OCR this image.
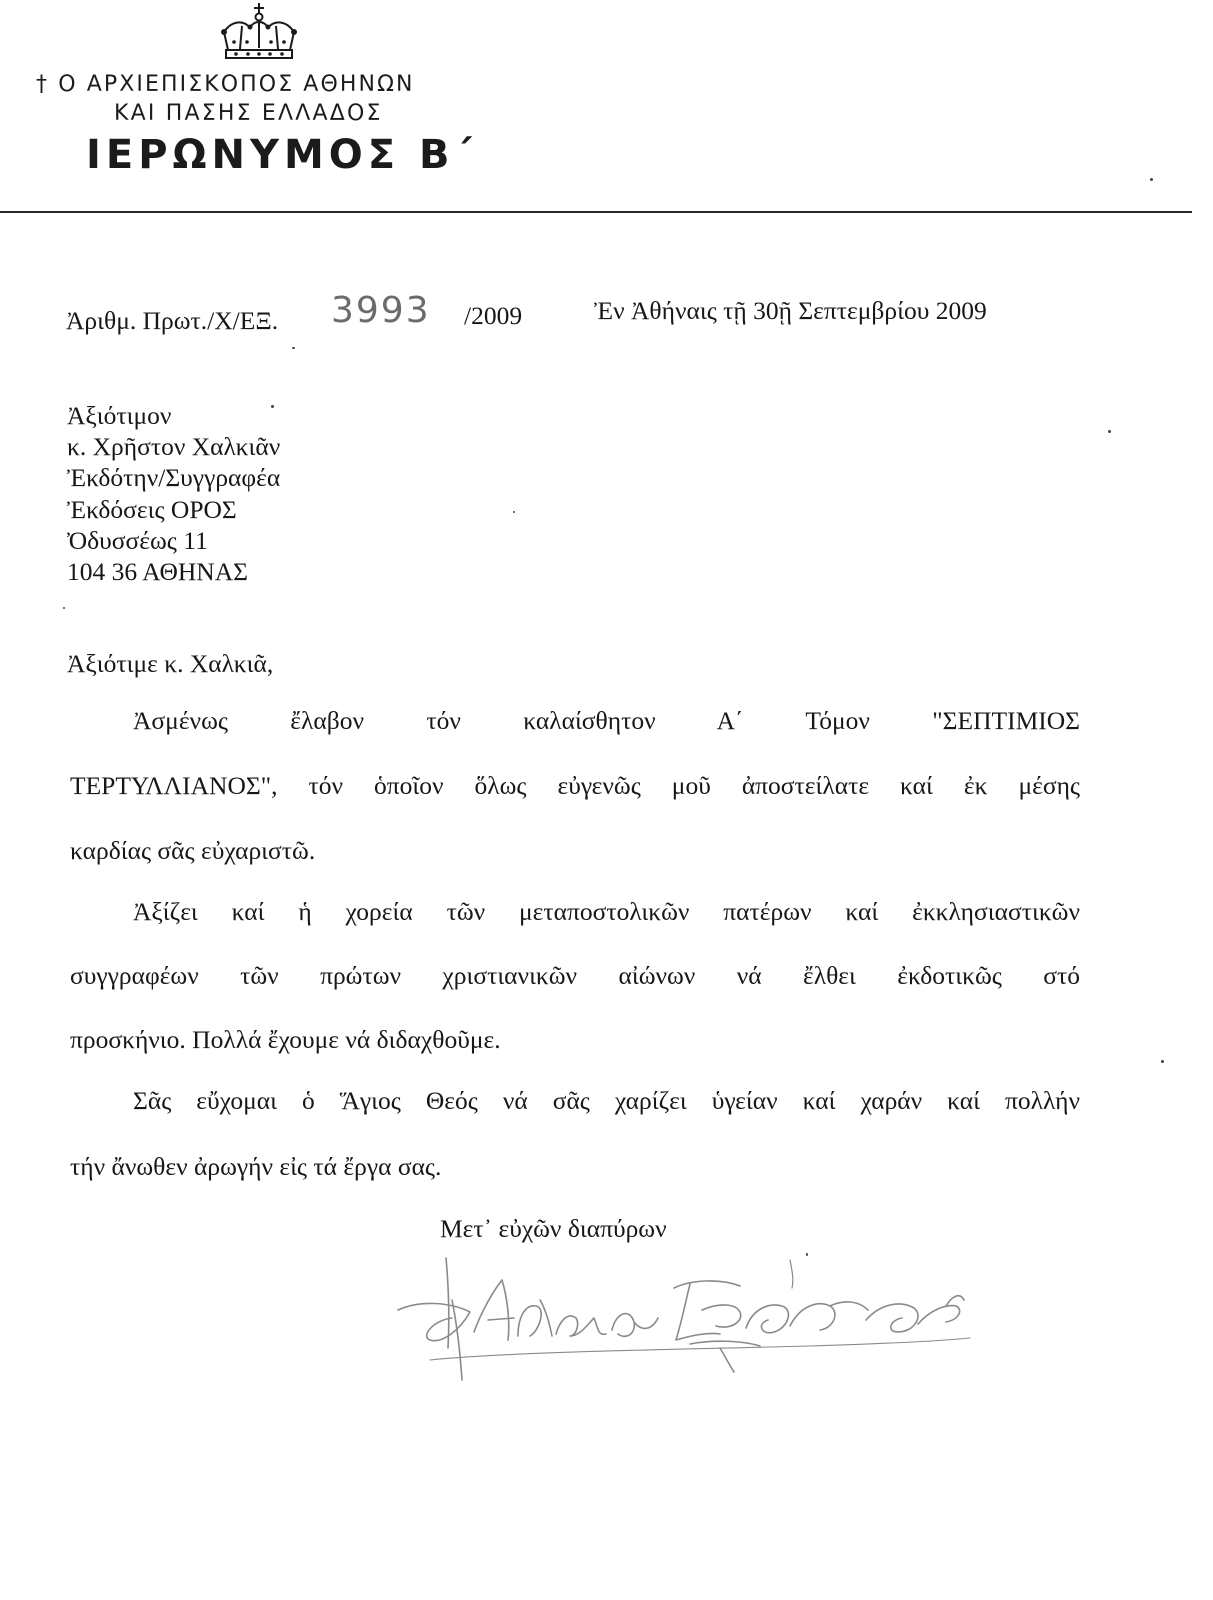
† Ο ΑΡΧΙΕΠΙΣΚΟΠΟΣ ΑΘΗΝΩΝ
ΚΑΙ ΠΑΣΗΣ ΕΛΛΑΔΟΣ
ΙΕΡΩΝΥΜΟΣ Β΄
Ἀριθμ. Πρωτ./Χ/ΕΞ. 3993 /2009	Ἐν Ἀθήναις τῇ 30ῇ Σεπτεμβρίου 2009
Ἀξιότιμον
κ. Χρῆστον Χαλκιᾶν
Ἐκδότην/Συγγραφέα
Ἐκδόσεις ΟΡΟΣ
Ὀδυσσέως 11
104 36 ΑΘΗΝΑΣ
Ἀξιότιμε κ. Χαλκιᾶ,
Ἀσμένως ἔλαβον τόν καλαίσθητον Α΄ Τόμον "ΣΕΠΤΙΜΙΟΣ
ΤΕΡΤΥΛΛΙΑΝΟΣ", τόν ὁποῖον ὅλως εὐγενῶς μοῦ ἀποστείλατε καί ἐκ μέσης
καρδίας σᾶς εὐχαριστῶ.
Ἀξίζει καί ἡ χορεία τῶν μεταποστολικῶν πατέρων καί ἐκκλησιαστικῶν
συγγραφέων τῶν πρώτων χριστιανικῶν αἰώνων νά ἔλθει ἐκδοτικῶς στό
προσκήνιο. Πολλά ἔχουμε νά διδαχθοῦμε.
Σᾶς εὔχομαι ὁ Ἅγιος Θεός νά σᾶς χαρίζει ὑγείαν καί χαράν καί πολλήν
τήν ἄνωθεν ἀρωγήν εἰς τά ἔργα σας.
Μετ᾽ εὐχῶν διαπύρων
